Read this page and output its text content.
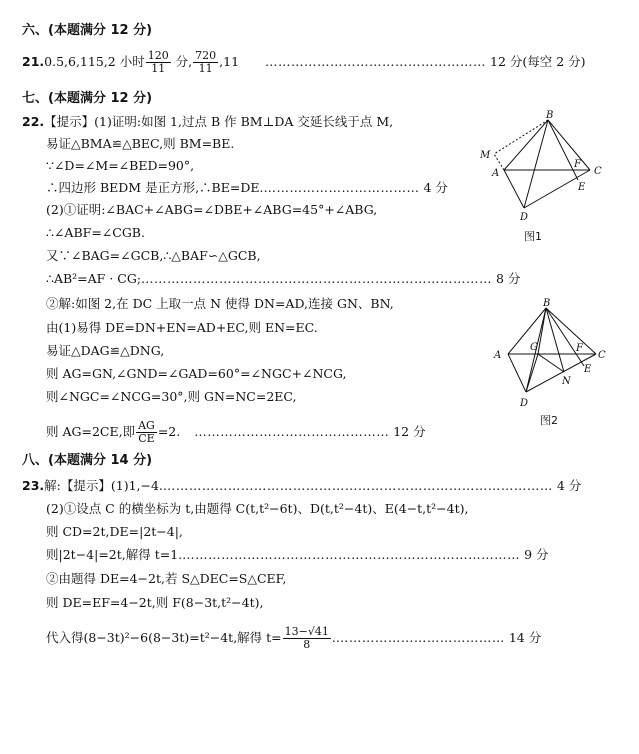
六、(本题满分 12 分)
21.0.5,6,115,2 小时 $\frac{120}{11}$ 分, $\frac{720}{11} ,11$ …………………………………………… 12 分(每空 2 分)
七、(本题满分 12 分)
22.【提示】(1)证明:如图 1,过点 B 作 BM⊥DA 交延长线于点 M,
易证△BMA≌△BEC,则 BM=BE.
∵∠D=∠M=∠BED=90°,
∴四边形 BEDM 是正方形,∴BE=DE.……………………………… 4 分
(2)①证明:∠BAC+∠ABG=∠DBE+∠ABG=45°+∠ABG,
∴∠ABF=∠CGB.
又∵∠BAG=∠GCB,∴△BAF∽△GCB,
∴AB²=AF · CG;……………………………………………………………………… 8 分
②解:如图 2,在 DC 上取一点 N 使得 DN=AD,连接 GN、BN,
由(1)易得 DE=DN+EN=AD+EC,则 EN=EC.
易证△DAG≌△DNG,
则 AG=GN,∠GND=∠GAD=60°=∠NGC+∠NCG,
则∠NGC=∠NCG=30°,则 GN=NC=2EC,
则 AG=2CE,即 $\frac{AG}{CE} =2$. ……………………………………… 12 分
B
M
A
F
C
E
D
图1
B
A
G	F
C
E
N
D
图2
八、(本题满分 14 分)
23.解:【提示】(1)1,−4.……………………………………………………………………………… 4 分
(2)①设点 C 的横坐标为 t,由题得 C(t,t²−6t)、D(t,t²−4t)、E(4−t,t²−4t),
则 CD=2t,DE=|2t−4|,
则|2t−4|=2t,解得 t=1.…………………………………………………………………… 9 分
②由题得 DE=4−2t,若 S△DEC=S△CEF,
则 DE=EF=4−2t,则 F(8−3t,t²−4t),
代入得(8−3t)²−6(8−3t)=t²−4t,解得 $t= \frac{13-√41}{8}$ .………………………………… 14 分
